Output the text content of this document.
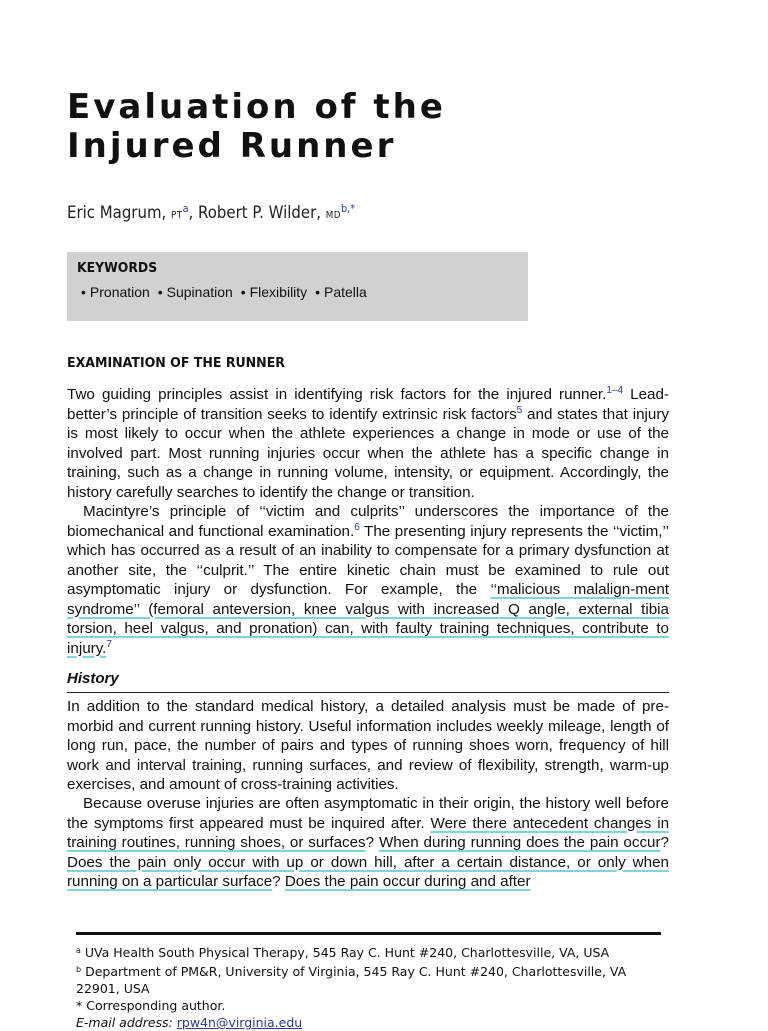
Evaluation of the
Injured Runner
Eric Magrum, PT$^a$, Robert P. Wilder, MD$^{b,*}$
KEYWORDS
• Pronation • Supination • Flexibility • Patella
EXAMINATION OF THE RUNNER

Two guiding principles assist in identifying risk factors for the injured runner.$^{1-4}$ Lead-better’s principle of transition seeks to identify extrinsic risk factors$^5$ and states that injury is most likely to occur when the athlete experiences a change in mode or use of the involved part. Most running injuries occur when the athlete has a specific change in training, such as a change in running volume, intensity, or equipment. Accordingly, the history carefully searches to identify the change or transition.

Macintyre’s principle of ‘‘victim and culprits’’ underscores the importance of the biomechanical and functional examination.$^6$ The presenting injury represents the ‘‘victim,’’ which has occurred as a result of an inability to compensate for a primary dysfunction at another site, the ‘‘culprit.’’ The entire kinetic chain must be examined to rule out asymptomatic injury or dysfunction. For example, the ‘‘malicious malalign-ment syndrome’’ (femoral anteversion, knee valgus with increased Q angle, external tibia torsion, heel valgus, and pronation) can, with faulty training techniques, contribute to injury.$^7$

History

In addition to the standard medical history, a detailed analysis must be made of pre-morbid and current running history. Useful information includes weekly mileage, length of long run, pace, the number of pairs and types of running shoes worn, frequency of hill work and interval training, running surfaces, and review of flexibility, strength, warm-up exercises, and amount of cross-training activities.

Because overuse injuries are often asymptomatic in their origin, the history well before the symptoms first appeared must be inquired after. Were there antecedent changes in training routines, running shoes, or surfaces? When during running does the pain occur? Does the pain only occur with up or down hill, after a certain distance, or only when running on a particular surface? Does the pain occur during and after

$^a$ UVa Health South Physical Therapy, 545 Ray C. Hunt #240, Charlottesville, VA, USA

$^b$ Department of PM&R, University of Virginia, 545 Ray C. Hunt #240, Charlottesville, VA 22901, USA

* Corresponding author.

E-mail address: rpw4n@virginia.edu
